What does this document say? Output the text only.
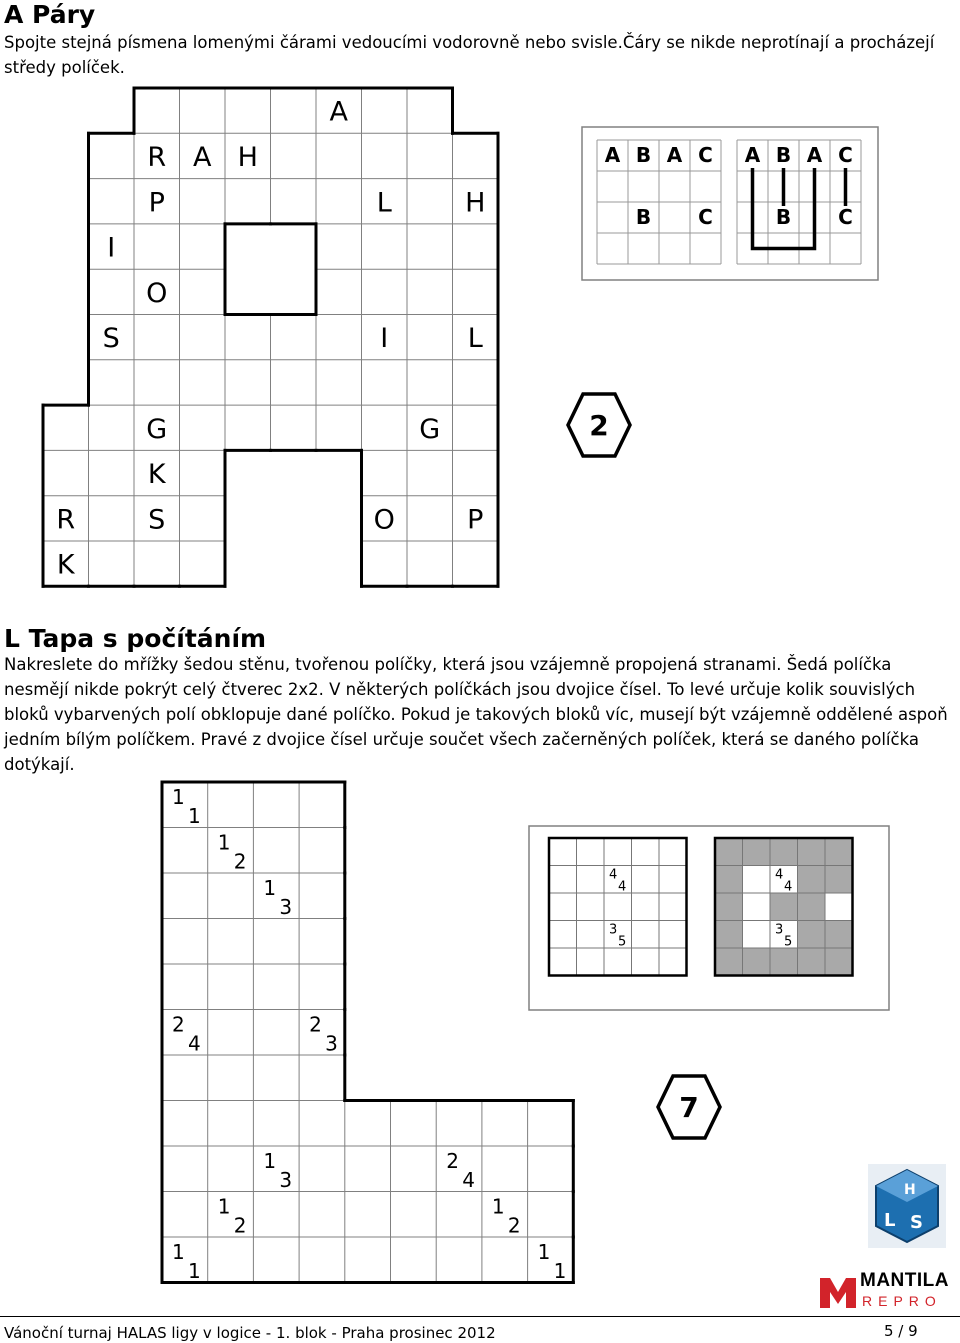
A Páry
Spojte stejná písmena lomenými čárami vedoucími vodorovně nebo svisle.Čáry se nikde neprotínají a procházejí středy políček.
A
R A H
P	L	H
I
O
S	I	L
G	G
K
R	S	O	P
K
A B A C
B C
A B A C
B C
2
L Tapa s počítáním
Nakreslete do mřížky šedou stěnu, tvořenou políčky, která jsou vzájemně propojená stranami. Šedá políčka nesmějí nikde pokrýt celý čtverec 2x2. V některých políčkách jsou dvojice čísel. To levé určuje kolik souvislých bloků vybarvených polí obklopuje dané políčko. Pokud je takových bloků víc, musejí být vzájemně oddělené aspoň jedním bílým políčkem. Pravé z dvojice čísel určuje součet všech začerněných políček, která se daného políčka dotýkají.
1
1
1
2
1
3
2
4
2
3
1
3
2
4
1
2
1
2
1
1
1
1
4
4
3
5
4
4
3
5
7
H
L S
MANTILA
REPRO
Vánoční turnaj HALAS ligy v logice - 1. blok - Praha prosinec 2012	5 / 9
